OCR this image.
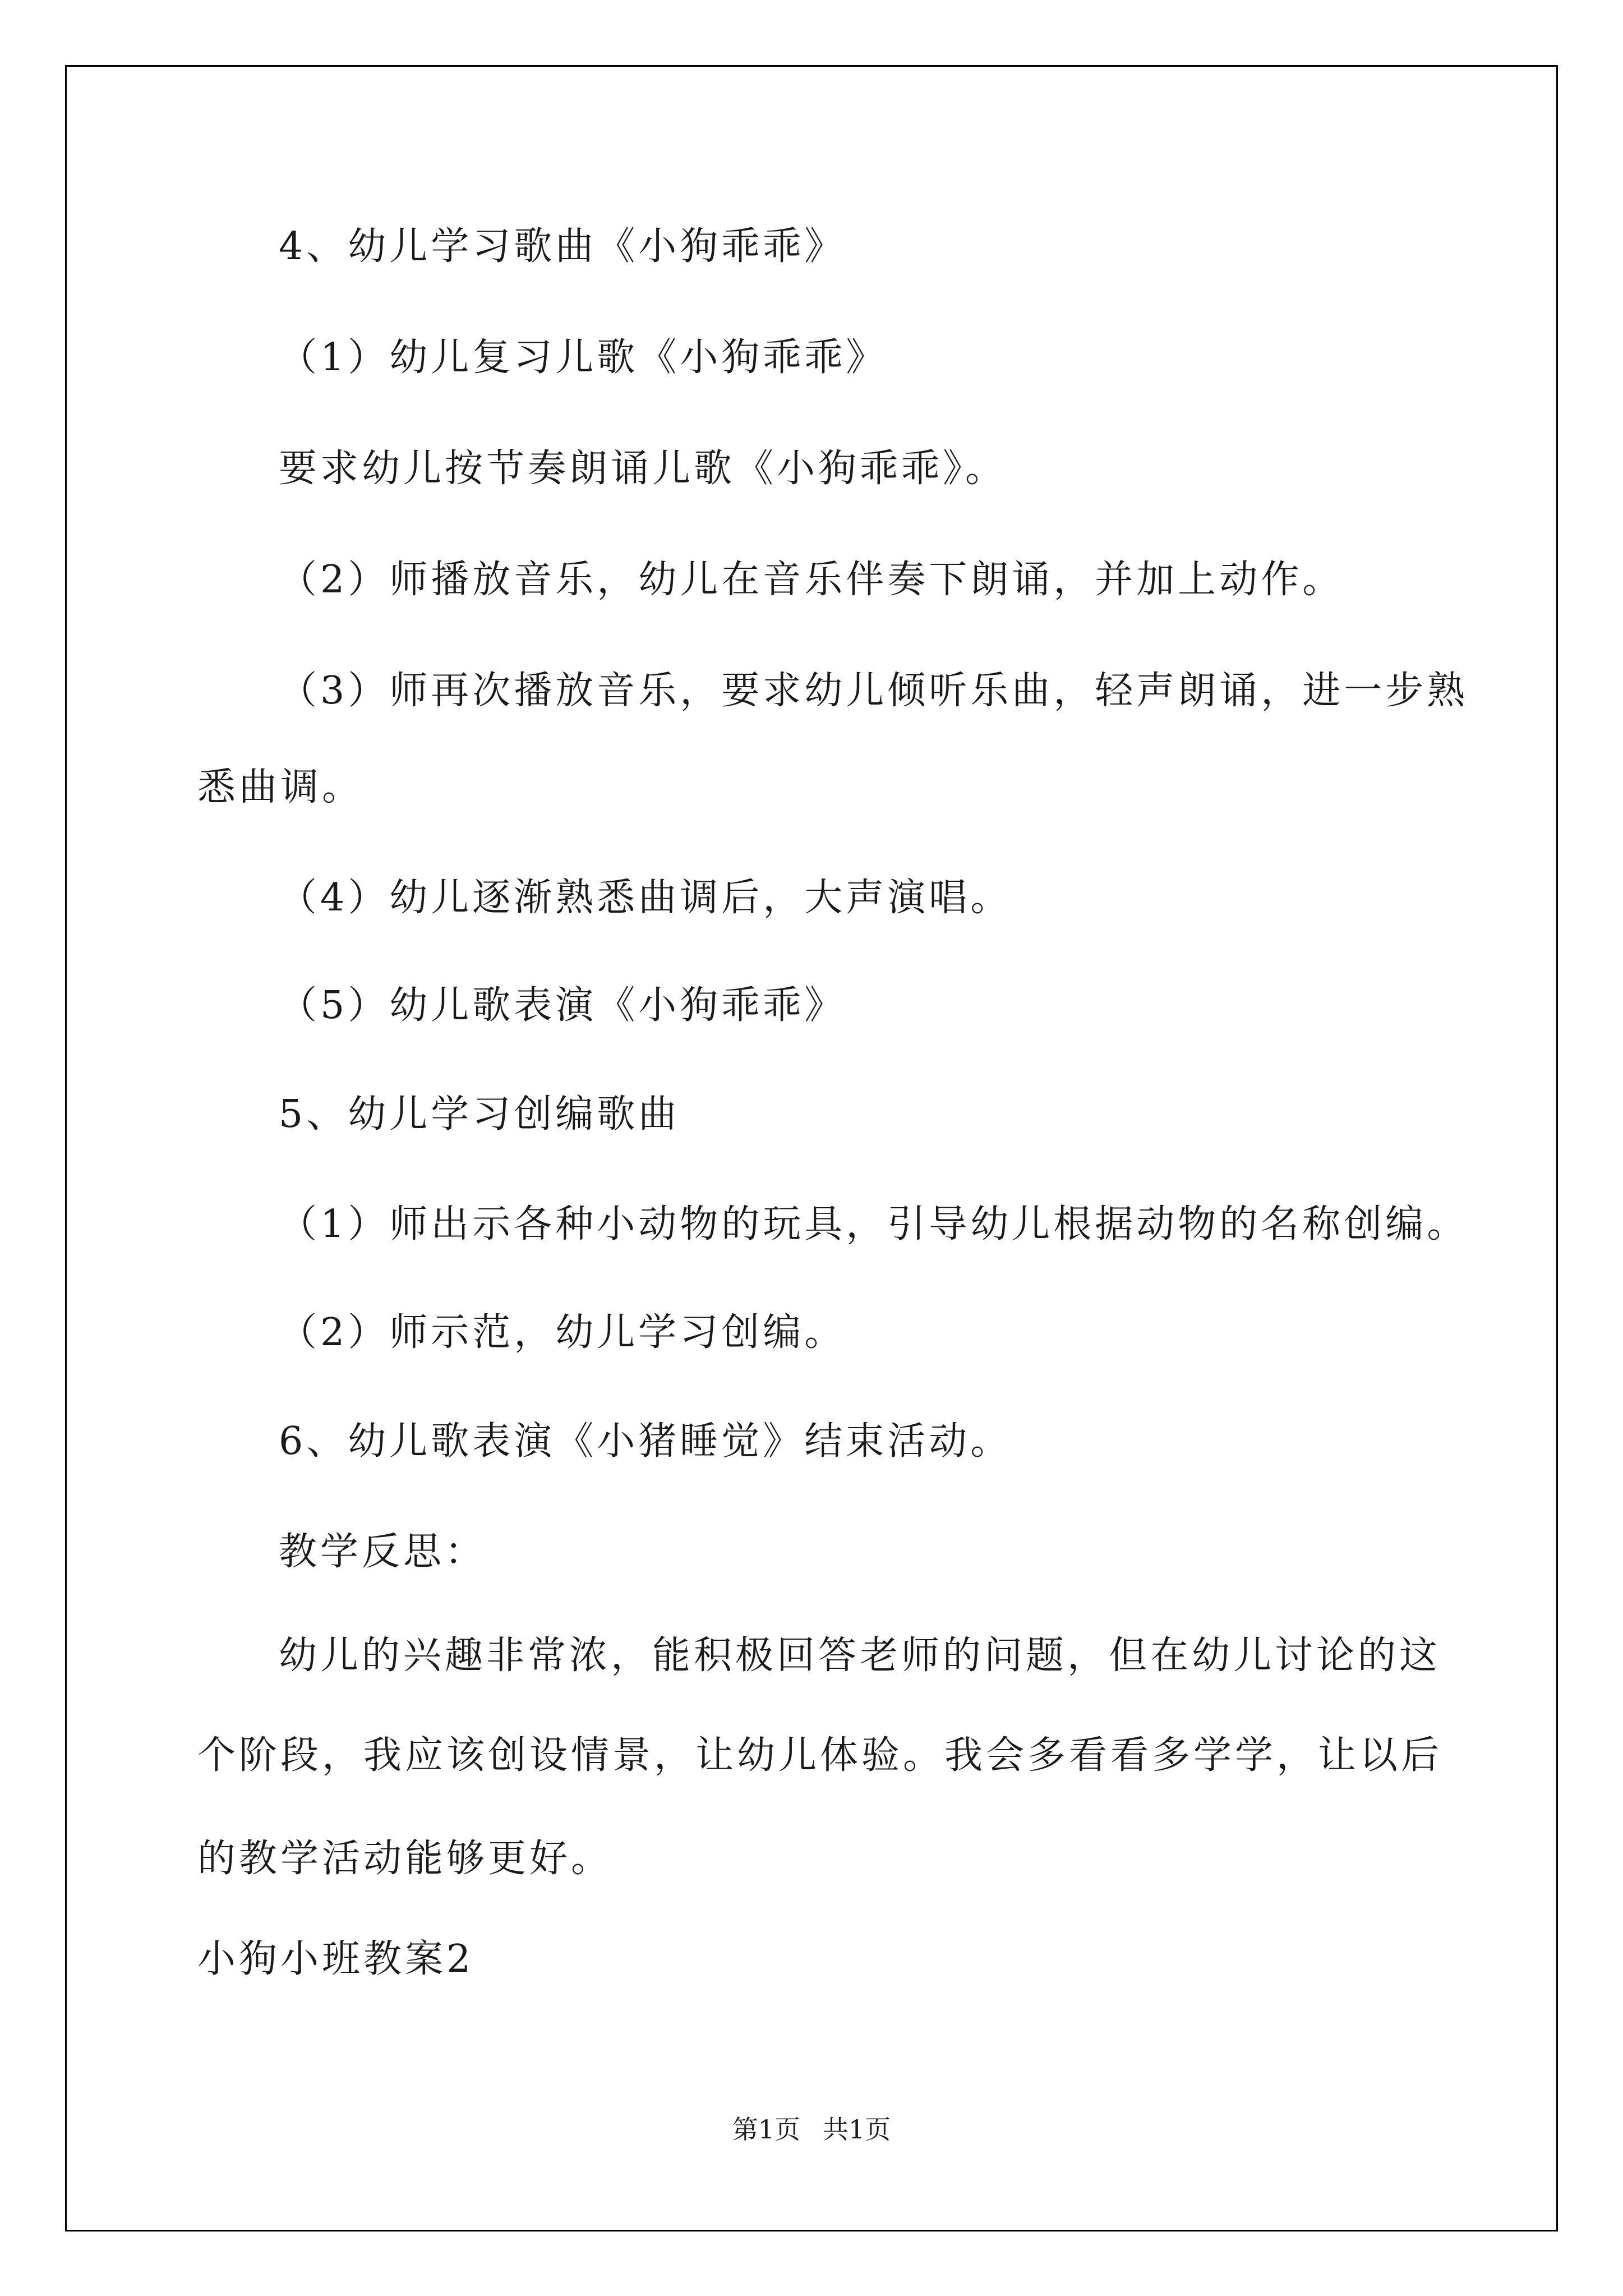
4、幼儿学习歌曲《小狗乖乖》
（1）幼儿复习儿歌《小狗乖乖》
要求幼儿按节奏朗诵儿歌《小狗乖乖》。
（2）师播放音乐，幼儿在音乐伴奏下朗诵，并加上动作。
（3）师再次播放音乐，要求幼儿倾听乐曲，轻声朗诵，进一步熟
悉曲调。
（4）幼儿逐渐熟悉曲调后，大声演唱。
（5）幼儿歌表演《小狗乖乖》
5、幼儿学习创编歌曲
（1）师出示各种小动物的玩具，引导幼儿根据动物的名称创编。
（2）师示范，幼儿学习创编。
6、幼儿歌表演《小猪睡觉》结束活动。
教学反思：
幼儿的兴趣非常浓，能积极回答老师的问题，但在幼儿讨论的这
个阶段，我应该创设情景，让幼儿体验。我会多看看多学学，让以后
的教学活动能够更好。
小狗小班教案2
第1页 共1页
